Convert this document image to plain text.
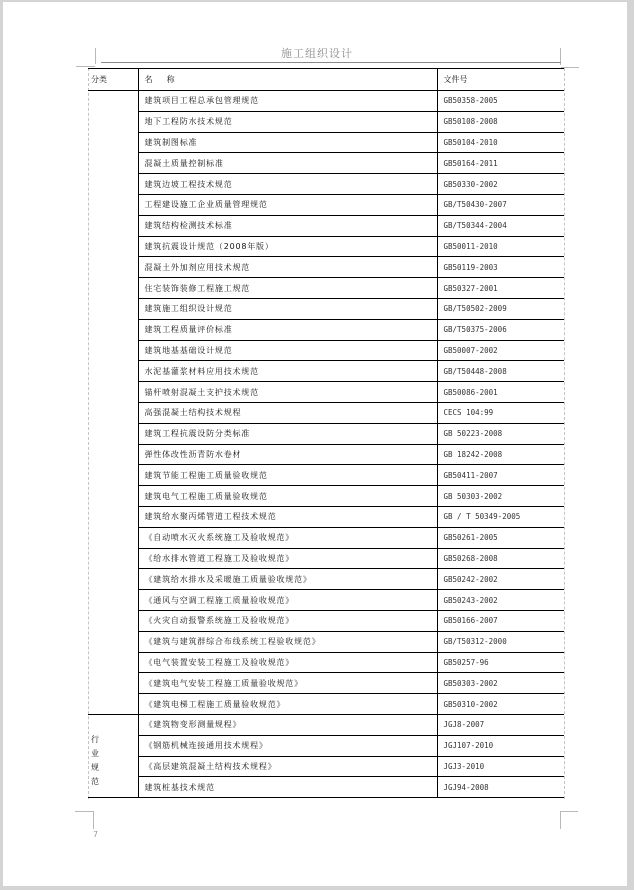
施工组织设计
分类	名    称	文件号

	建筑项目工程总承包管理规范	GB50358-2005
	地下工程防水技术规范	GB50108-2008
	建筑制图标准	GB50104-2010
	混凝土质量控制标准	GB50164-2011
	建筑边坡工程技术规范	GB50330-2002
	工程建设施工企业质量管理规范	GB/T50430-2007
	建筑结构检测技术标准	GB/T50344-2004
	建筑抗震设计规范（2008年版）	GB50011-2010
	混凝土外加剂应用技术规范	GB50119-2003
	住宅装饰装修工程施工规范	GB50327-2001
	建筑施工组织设计规范	GB/T50502-2009
	建筑工程质量评价标准	GB/T50375-2006
	建筑地基基础设计规范	GB50007-2002
	水泥基灌浆材料应用技术规范	GB/T50448-2008
	锚杆喷射混凝土支护技术规范	GB50086-2001
	高强混凝土结构技术规程	CECS 104:99
	建筑工程抗震设防分类标准	GB 50223-2008
	弹性体改性沥青防水卷材	GB 18242-2008
	建筑节能工程施工质量验收规范	GB50411-2007
	建筑电气工程施工质量验收规范	GB 50303-2002
	建筑给水聚丙烯管道工程技术规范	GB / T 50349-2005
	《自动喷水灭火系统施工及验收规范》	GB50261-2005
	《给水排水管道工程施工及验收规范》	GB50268-2008
	《建筑给水排水及采暖施工质量验收规范》	GB50242-2002
	《通风与空调工程施工质量验收规范》	GB50243-2002
	《火灾自动报警系统施工及验收规范》	GB50166-2007
	《建筑与建筑群综合布线系统工程验收规范》	GB/T50312-2000
	《电气装置安装工程施工及验收规范》	GB50257-96
	《建筑电气安装工程施工质量验收规范》	GB50303-2002
	《建筑电梯工程施工质量验收规范》	GB50310-2002

行业规范	《建筑物变形测量规程》	JGJ8-2007
	《钢筋机械连接通用技术规程》	JGJ107-2010
	《高层建筑混凝土结构技术规程》	JGJ3-2010
	建筑桩基技术规范	JGJ94-2008
7
